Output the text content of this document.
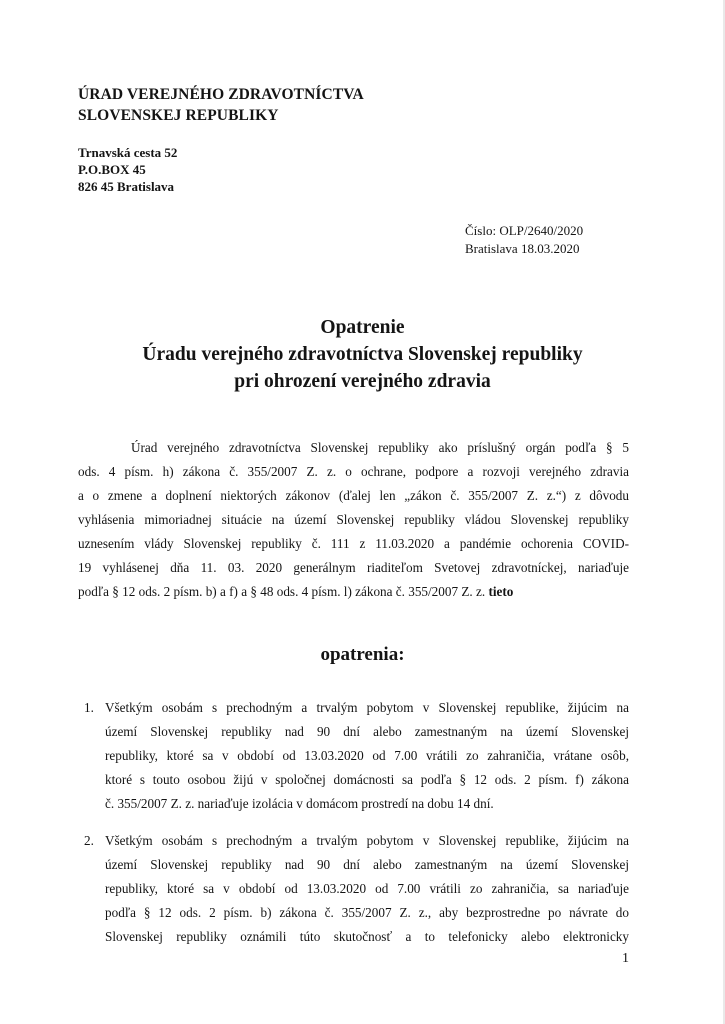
ÚRAD VEREJNÉHO ZDRAVOTNÍCTVA
SLOVENSKEJ REPUBLIKY
Trnavská cesta 52
P.O.BOX 45
826 45 Bratislava
Číslo: OLP/2640/2020
Bratislava 18.03.2020
Opatrenie
Úradu verejného zdravotníctva Slovenskej republiky
pri ohrození verejného zdravia
Úrad verejného zdravotníctva Slovenskej republiky ako príslušný orgán podľa § 5
ods. 4 písm. h) zákona č. 355/2007 Z. z. o ochrane, podpore a rozvoji verejného zdravia
a o zmene a doplnení niektorých zákonov (ďalej len „zákon č. 355/2007 Z. z.“) z dôvodu
vyhlásenia mimoriadnej situácie na území Slovenskej republiky vládou Slovenskej republiky
uznesením vlády Slovenskej republiky č. 111 z 11.03.2020 a pandémie ochorenia COVID-
19 vyhlásenej dňa 11. 03. 2020 generálnym riaditeľom Svetovej zdravotníckej, nariaďuje
podľa § 12 ods. 2 písm. b) a f) a § 48 ods. 4 písm. l) zákona č. 355/2007 Z. z. tieto
opatrenia:
1. Všetkým osobám s prechodným a trvalým pobytom v Slovenskej republike, žijúcim na
území Slovenskej republiky nad 90 dní alebo zamestnaným na území Slovenskej
republiky, ktoré sa v období od 13.03.2020 od 7.00 vrátili zo zahraničia, vrátane osôb,
ktoré s touto osobou žijú v spoločnej domácnosti sa podľa § 12 ods. 2 písm. f) zákona
č. 355/2007 Z. z. nariaďuje izolácia v domácom prostredí na dobu 14 dní.
2. Všetkým osobám s prechodným a trvalým pobytom v Slovenskej republike, žijúcim na
území Slovenskej republiky nad 90 dní alebo zamestnaným na území Slovenskej
republiky, ktoré sa v období od 13.03.2020 od 7.00 vrátili zo zahraničia, sa nariaďuje
podľa § 12 ods. 2 písm. b) zákona č. 355/2007 Z. z., aby bezprostredne po návrate do
Slovenskej republiky oznámili túto skutočnosť a to telefonicky alebo elektronicky
1
